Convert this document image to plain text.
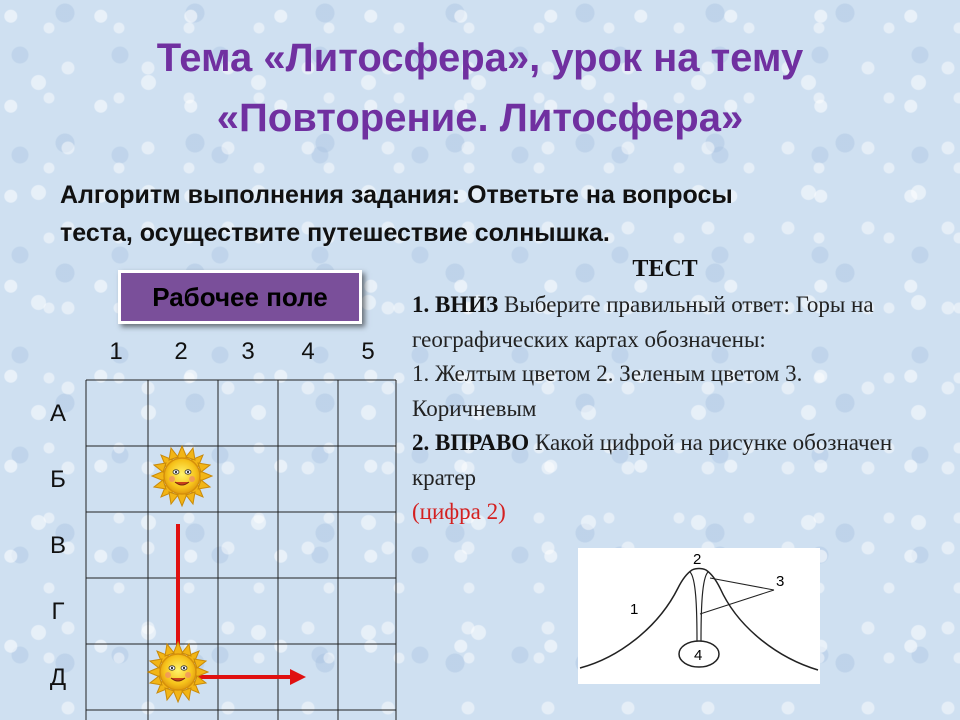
Тема «Литосфера», урок на тему
«Повторение. Литосфера»
Алгоритм выполнения задания: Ответьте на вопросы
теста, осуществите путешествие солнышка.
Рабочее поле
1	2	3	4	5
А
Б
В
Г
Д
ТЕСТ
1. ВНИЗ Выберите правильный ответ: Горы на географических картах обозначены:
1. Желтым цветом 2. Зеленым цветом 3. Коричневым
2. ВПРАВО Какой цифрой на рисунке обозначен кратер
(цифра 2)
1
2
3
4
